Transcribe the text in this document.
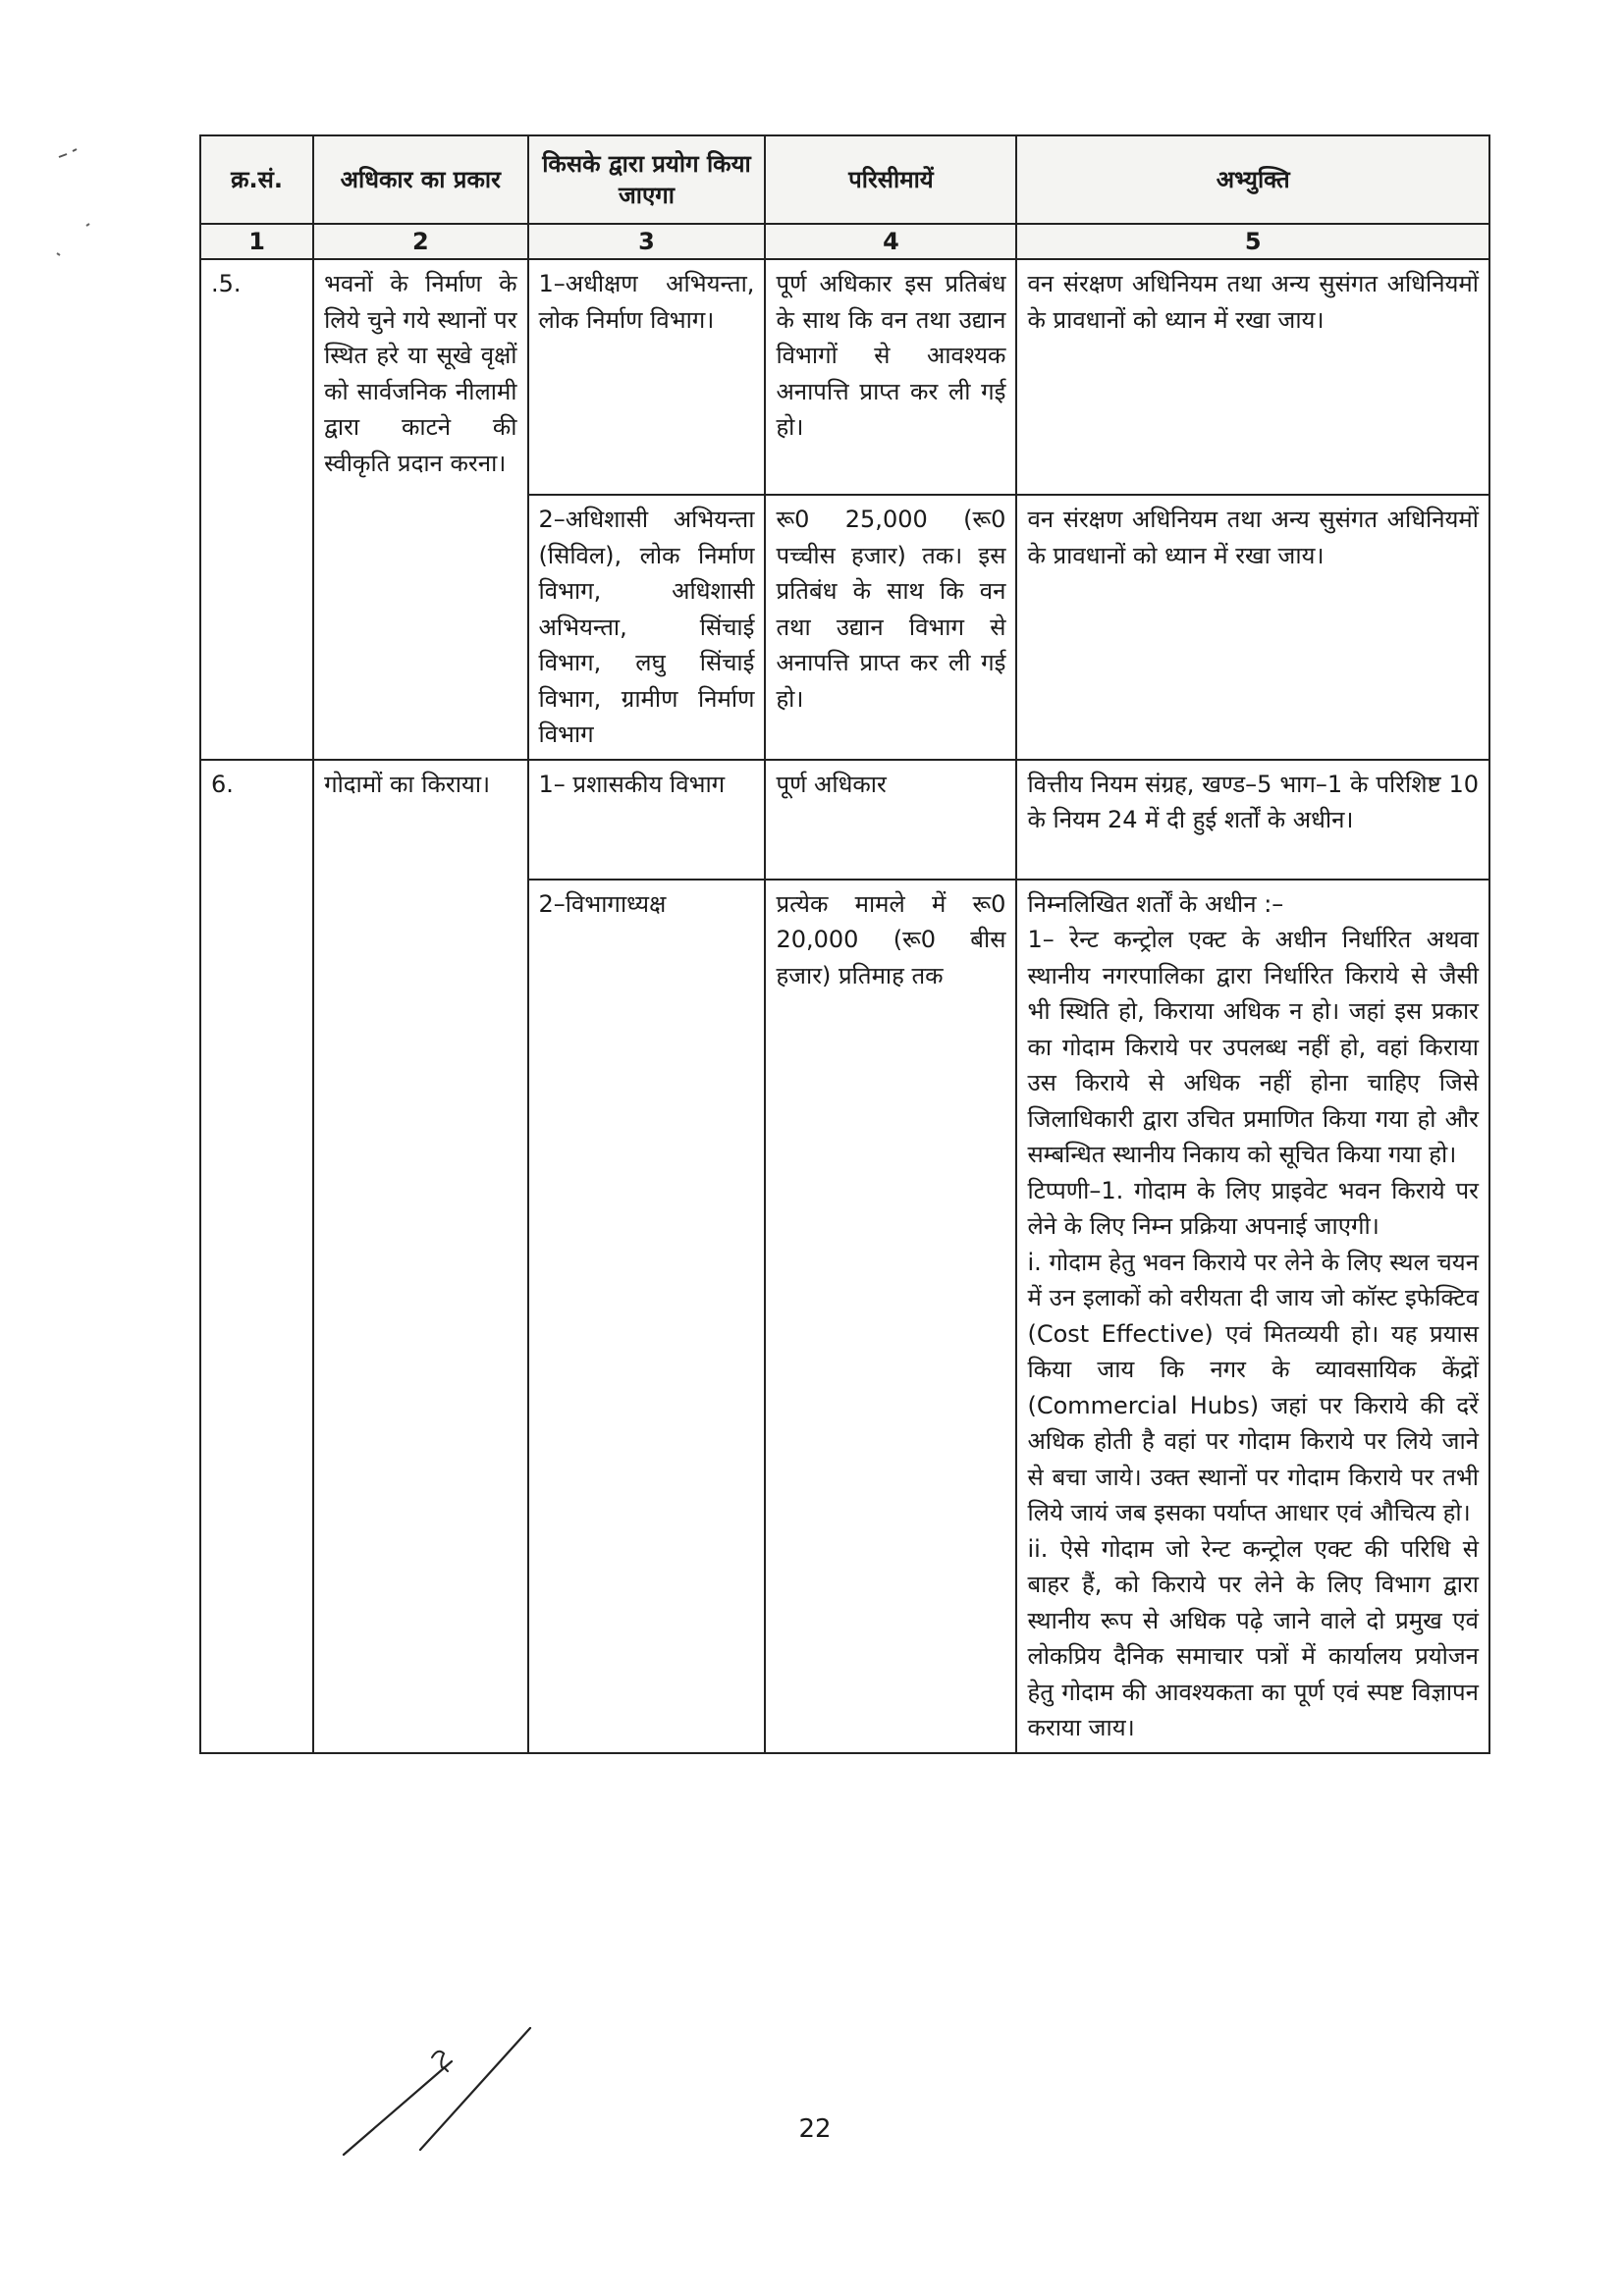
क्र.सं.	अधिकार का प्रकार	किसके द्वारा प्रयोग किया जाएगा	परिसीमायें	अभ्युक्ति
1	2	3	4	5
.5.	भवनों के निर्माण के लिये चुने गये स्थानों पर स्थित हरे या सूखे वृक्षों को सार्वजनिक नीलामी द्वारा काटने की स्वीकृति प्रदान करना।	1–अधीक्षण अभियन्ता, लोक निर्माण विभाग।	पूर्ण अधिकार इस प्रतिबंध के साथ कि वन तथा उद्यान विभागों से आवश्यक अनापत्ति प्राप्त कर ली गई हो।	वन संरक्षण अधिनियम तथा अन्य सुसंगत अधिनियमों के प्रावधानों को ध्यान में रखा जाय।
		2–अधिशासी अभियन्ता (सिविल), लोक निर्माण विभाग, अधिशासी अभियन्ता, सिंचाई विभाग, लघु सिंचाई विभाग, ग्रामीण निर्माण विभाग	रू0 25,000 (रू0 पच्चीस हजार) तक। इस प्रतिबंध के साथ कि वन तथा उद्यान विभाग से अनापत्ति प्राप्त कर ली गई हो।	वन संरक्षण अधिनियम तथा अन्य सुसंगत अधिनियमों के प्रावधानों को ध्यान में रखा जाय।
6.	गोदामों का किराया।	1– प्रशासकीय विभाग	पूर्ण अधिकार	वित्तीय नियम संग्रह, खण्ड–5 भाग–1 के परिशिष्ट 10 के नियम 24 में दी हुई शर्तों के अधीन।
		2–विभागाध्यक्ष	प्रत्येक मामले में रू0 20,000 (रू0 बीस हजार) प्रतिमाह तक	निम्नलिखित शर्तों के अधीन :–
1– रेन्ट कन्ट्रोल एक्ट के अधीन निर्धारित अथवा स्थानीय नगरपालिका द्वारा निर्धारित किराये से जैसी भी स्थिति हो, किराया अधिक न हो। जहां इस प्रकार का गोदाम किराये पर उपलब्ध नहीं हो, वहां किराया उस किराये से अधिक नहीं होना चाहिए जिसे जिलाधिकारी द्वारा उचित प्रमाणित किया गया हो और सम्बन्धित स्थानीय निकाय को सूचित किया गया हो।
टिप्पणी–1. गोदाम के लिए प्राइवेट भवन किराये पर लेने के लिए निम्न प्रक्रिया अपनाई जाएगी।
i. गोदाम हेतु भवन किराये पर लेने के लिए स्थल चयन में उन इलाकों को वरीयता दी जाय जो कॉस्ट इफेक्टिव (Cost Effective) एवं मितव्ययी हो। यह प्रयास किया जाय कि नगर के व्यावसायिक केंद्रों (Commercial Hubs) जहां पर किराये की दरें अधिक होती है वहां पर गोदाम किराये पर लिये जाने से बचा जाये। उक्त स्थानों पर गोदाम किराये पर तभी लिये जायं जब इसका पर्याप्त आधार एवं औचित्य हो।
ii. ऐसे गोदाम जो रेन्ट कन्ट्रोल एक्ट की परिधि से बाहर हैं, को किराये पर लेने के लिए विभाग द्वारा स्थानीय रूप से अधिक पढ़े जाने वाले दो प्रमुख एवं लोकप्रिय दैनिक समाचार पत्रों में कार्यालय प्रयोजन हेतु गोदाम की आवश्यकता का पूर्ण एवं स्पष्ट विज्ञापन कराया जाय।
22
